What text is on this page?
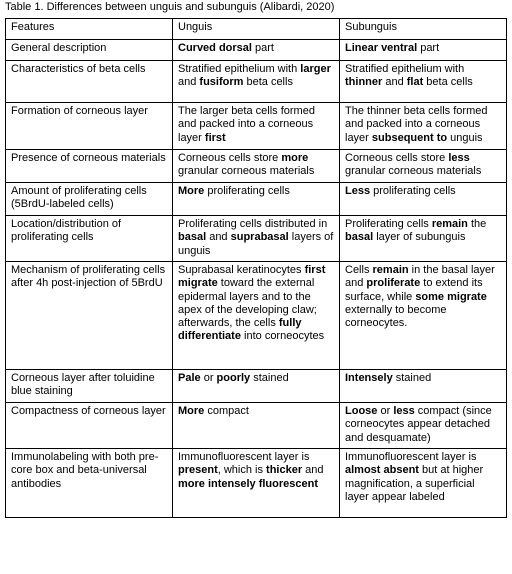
Table 1. Differences between unguis and subunguis (Alibardi, 2020)
Features	Unguis	Subunguis
General description	Curved dorsal part	Linear ventral part
Characteristics of beta cells	Stratified epithelium with larger and fusiform beta cells	Stratified epithelium with thinner and flat beta cells
Formation of corneous layer	The larger beta cells formed and packed into a corneous layer first	The thinner beta cells formed and packed into a corneous layer subsequent to unguis
Presence of corneous materials	Corneous cells store more granular corneous materials	Corneous cells store less granular corneous materials
Amount of proliferating cells (5BrdU-labeled cells)	More proliferating cells	Less proliferating cells
Location/distribution of proliferating cells	Proliferating cells distributed in basal and suprabasal layers of unguis	Proliferating cells remain the basal layer of subunguis
Mechanism of proliferating cells after 4h post-injection of 5BrdU	Suprabasal keratinocytes first migrate toward the external epidermal layers and to the apex of the developing claw; afterwards, the cells fully differentiate into corneocytes	Cells remain in the basal layer and proliferate to extend its surface, while some migrate externally to become corneocytes.
Corneous layer after toluidine blue staining	Pale or poorly stained	Intensely stained
Compactness of corneous layer	More compact	Loose or less compact (since corneocytes appear detached and desquamate)
Immunolabeling with both pre-core box and beta-universal antibodies	Immunofluorescent layer is present, which is thicker and more intensely fluorescent	Immunofluorescent layer is almost absent but at higher magnification, a superficial layer appear labeled
